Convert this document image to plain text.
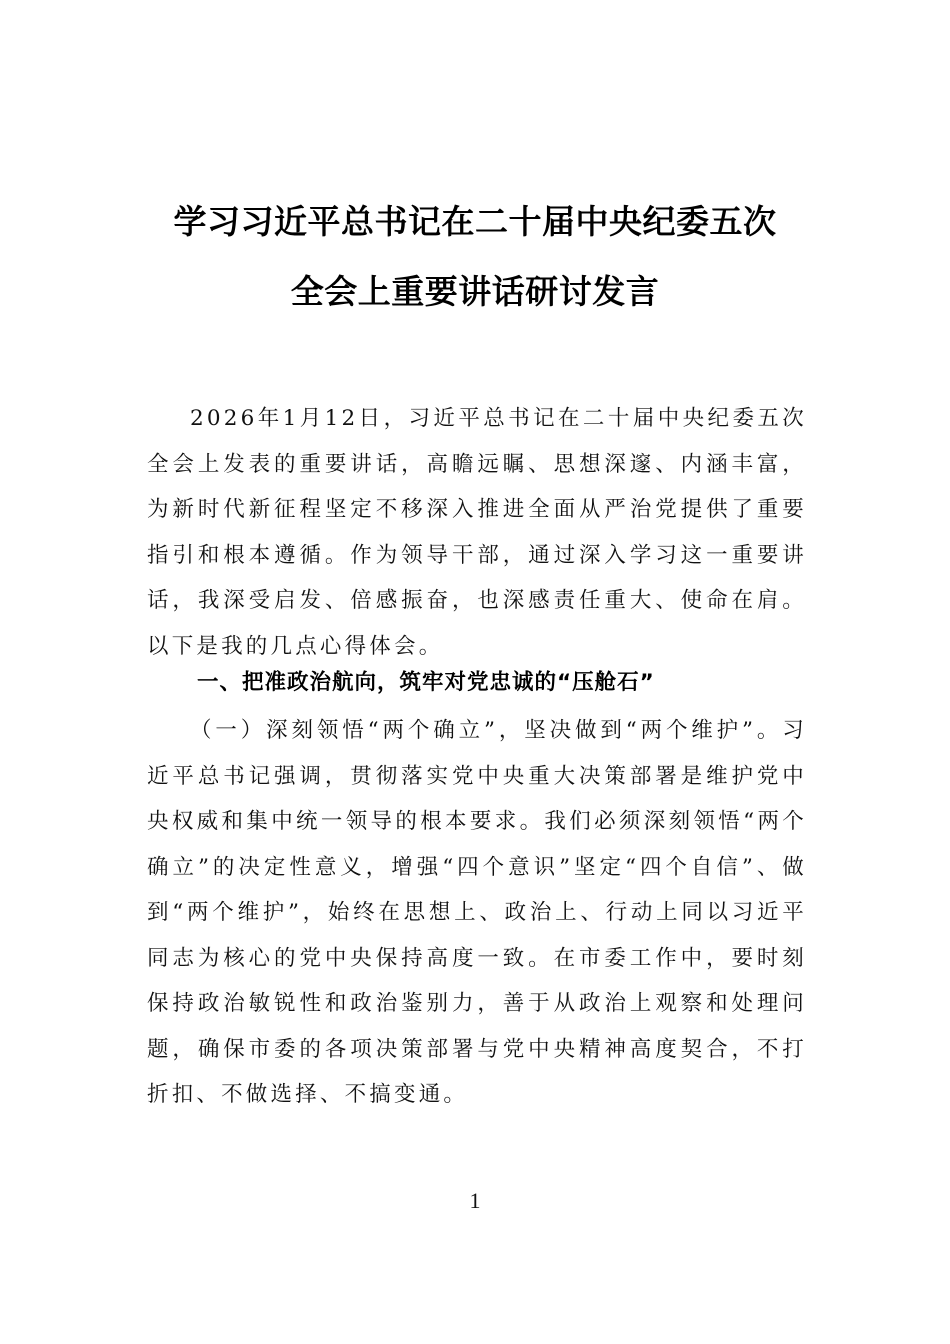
学习习近平总书记在二十届中央纪委五次
全会上重要讲话研讨发言
2026年1月12日，习近平总书记在二十届中央纪委五次全会上发表的重要讲话，高瞻远瞩、思想深邃、内涵丰富，为新时代新征程坚定不移深入推进全面从严治党提供了重要指引和根本遵循。作为领导干部，通过深入学习这一重要讲话，我深受启发、倍感振奋，也深感责任重大、使命在肩。以下是我的几点心得体会。
一、把准政治航向，筑牢对党忠诚的“压舱石”
（一）深刻领悟“两个确立”，坚决做到“两个维护”。习近平总书记强调，贯彻落实党中央重大决策部署是维护党中央权威和集中统一领导的根本要求。我们必须深刻领悟“两个确立”的决定性意义，增强“四个意识”坚定“四个自信”、做到“两个维护”，始终在思想上、政治上、行动上同以习近平同志为核心的党中央保持高度一致。在市委工作中，要时刻保持政治敏锐性和政治鉴别力，善于从政治上观察和处理问题，确保市委的各项决策部署与党中央精神高度契合，不打折扣、不做选择、不搞变通。
1
